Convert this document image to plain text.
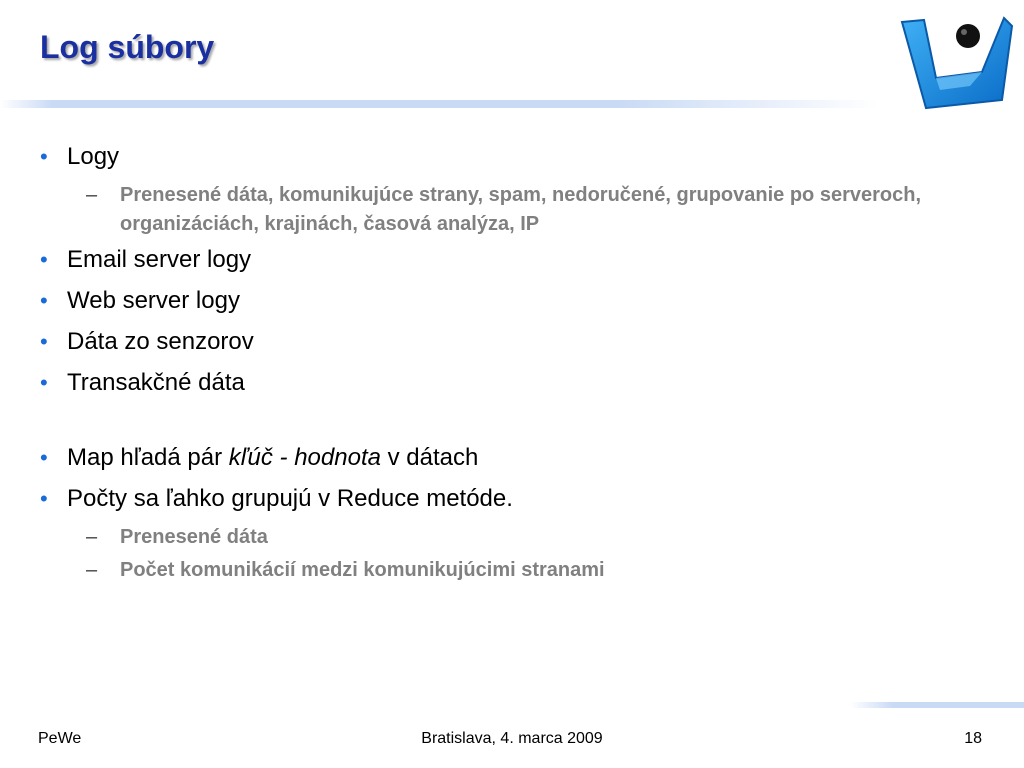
Log súbory
• Logy
– Prenesené dáta, komunikujúce strany, spam, nedoručené, grupovanie po serveroch, organizáciách, krajinách, časová analýza, IP
• Email server logy
• Web server logy
• Dáta zo senzorov
• Transakčné dáta
• Map hľadá pár kľúč - hodnota v dátach
• Počty sa ľahko grupujú v Reduce metóde.
– Prenesené dáta
– Počet komunikácií medzi komunikujúcimi stranami
PeWe	Bratislava, 4. marca 2009	18
